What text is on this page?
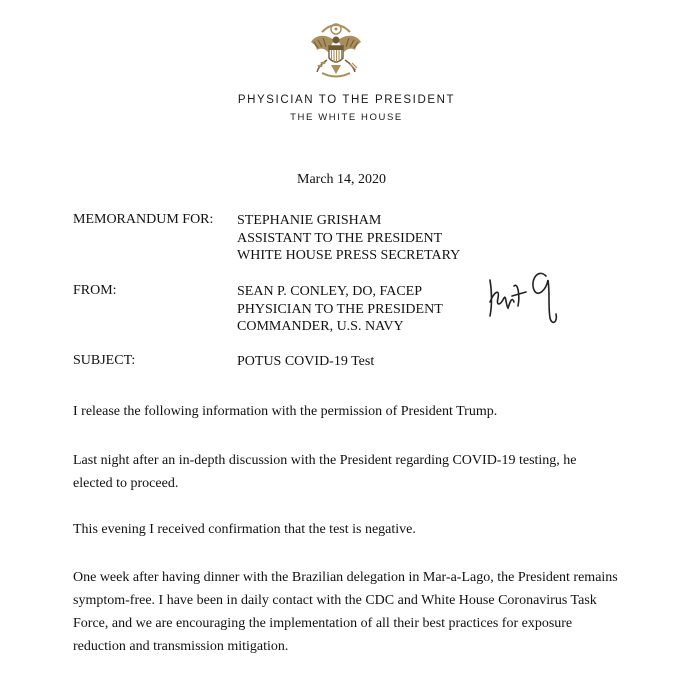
PHYSICIAN TO THE PRESIDENT
THE WHITE HOUSE
March 14, 2020
MEMORANDUM FOR: STEPHANIE GRISHAM
ASSISTANT TO THE PRESIDENT
WHITE HOUSE PRESS SECRETARY
FROM:	SEAN P. CONLEY, DO, FACEP
PHYSICIAN TO THE PRESIDENT
COMMANDER, U.S. NAVY
SUBJECT:	POTUS COVID-19 Test

I release the following information with the permission of President Trump.

Last night after an in-depth discussion with the President regarding COVID-19 testing, he
elected to proceed.

This evening I received confirmation that the test is negative.

One week after having dinner with the Brazilian delegation in Mar-a-Lago, the President remains
symptom-free. I have been in daily contact with the CDC and White House Coronavirus Task
Force, and we are encouraging the implementation of all their best practices for exposure
reduction and transmission mitigation.
